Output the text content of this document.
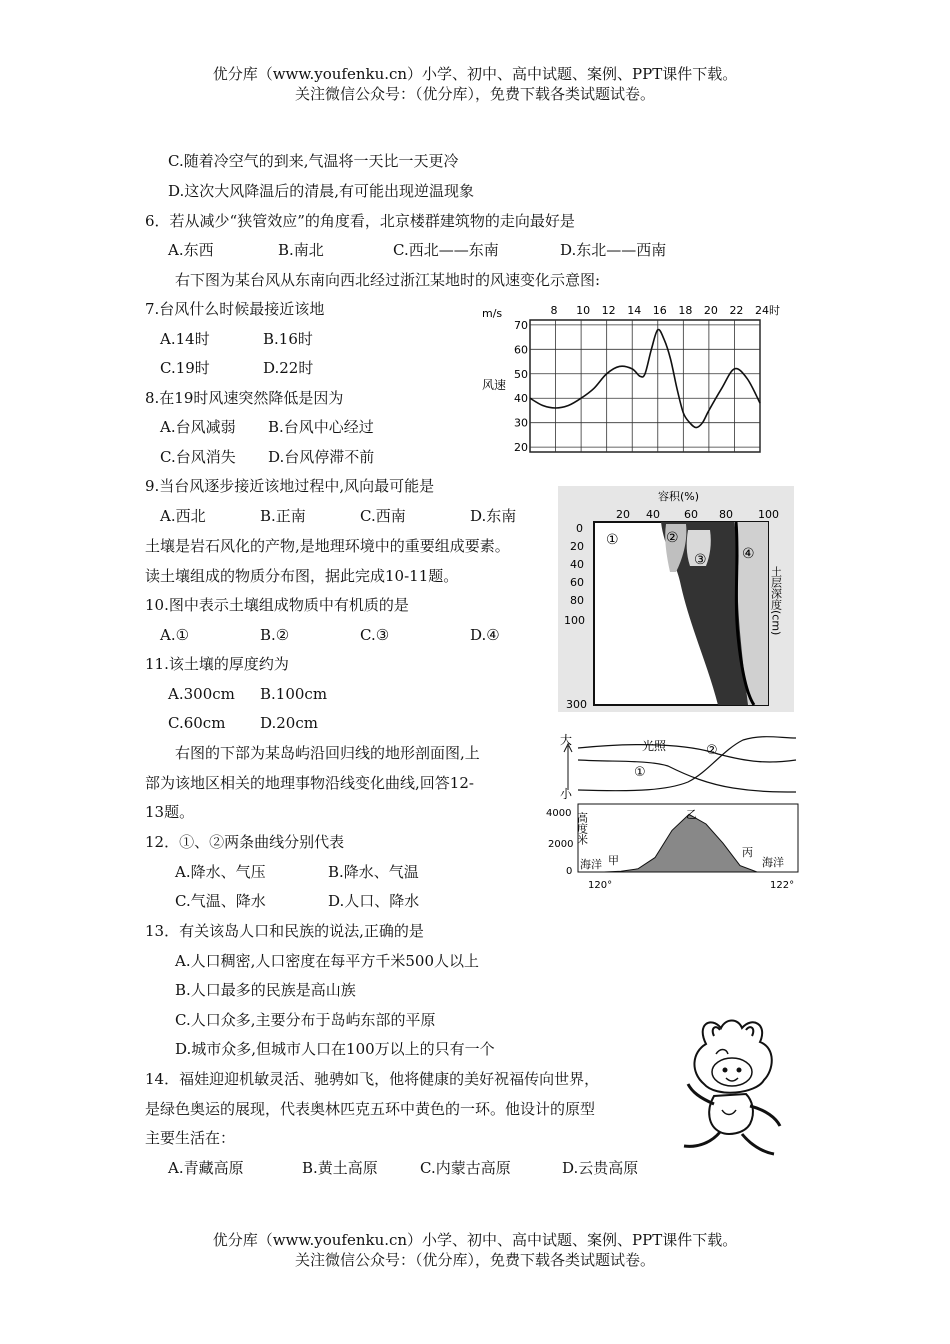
优分库（www.youfenku.cn）小学、初中、高中试题、案例、PPT课件下载。
关注微信公众号：（优分库），免费下载各类试题试卷。
C.随着冷空气的到来,气温将一天比一天更冷
D.这次大风降温后的清晨,有可能出现逆温现象
6．若从减少“狭管效应”的角度看，北京楼群建筑物的走向最好是
A.东西	B.南北	C.西北——东南	D.东北——西南
右下图为某台风从东南向西北经过浙江某地时的风速变化示意图:
7.台风什么时候最接近该地
A.14时	B.16时
C.19时	D.22时
8.在19时风速突然降低是因为
A.台风减弱 B.台风中心经过
C.台风消失 D.台风停滞不前
9.当台风逐步接近该地过程中,风向最可能是
A.西北	B.正南	C.西南	D.东南
土壤是岩石风化的产物,是地理环境中的重要组成要素。
读土壤组成的物质分布图，据此完成10-11题。
10.图中表示土壤组成物质中有机质的是
A.①	B.②	C.③	D.④
11.该土壤的厚度约为
A.300cm B.100cm
C.60cm D.20cm
右图的下部为某岛屿沿回归线的地形剖面图,上
部为该地区相关的地理事物沿线变化曲线,回答12-
13题。
12．①、②两条曲线分别代表
A.降水、气压	B.降水、气温
C.气温、降水	D.人口、降水
13．有关该岛人口和民族的说法,正确的是
A.人口稠密,人口密度在每平方千米500人以上
B.人口最多的民族是高山族
C.人口众多,主要分布于岛屿东部的平原
D.城市众多,但城市人口在100万以上的只有一个
14．福娃迎迎机敏灵活、驰骋如飞，他将健康的美好祝福传向世界，
是绿色奥运的展现，代表奥林匹克五环中黄色的一环。他设计的原型
主要生活在：
A.青藏高原	B.黄土高原	C.内蒙古高原	D.云贵高原
优分库（www.youfenku.cn）小学、初中、高中试题、案例、PPT课件下载。
关注微信公众号：（优分库），免费下载各类试题试卷。
8 10 12 14 16 18 20 22 24时
20
30
40
50
60
70
m/s
风速
容积(%)
20 40 60 80 100
①	②
③	④
0
20
40
60
80
100
300
土层深度(cm)
大
小
光照
①
②
4000
2000
0
高度米
海洋 甲
乙
丙
海洋
120°	122°
